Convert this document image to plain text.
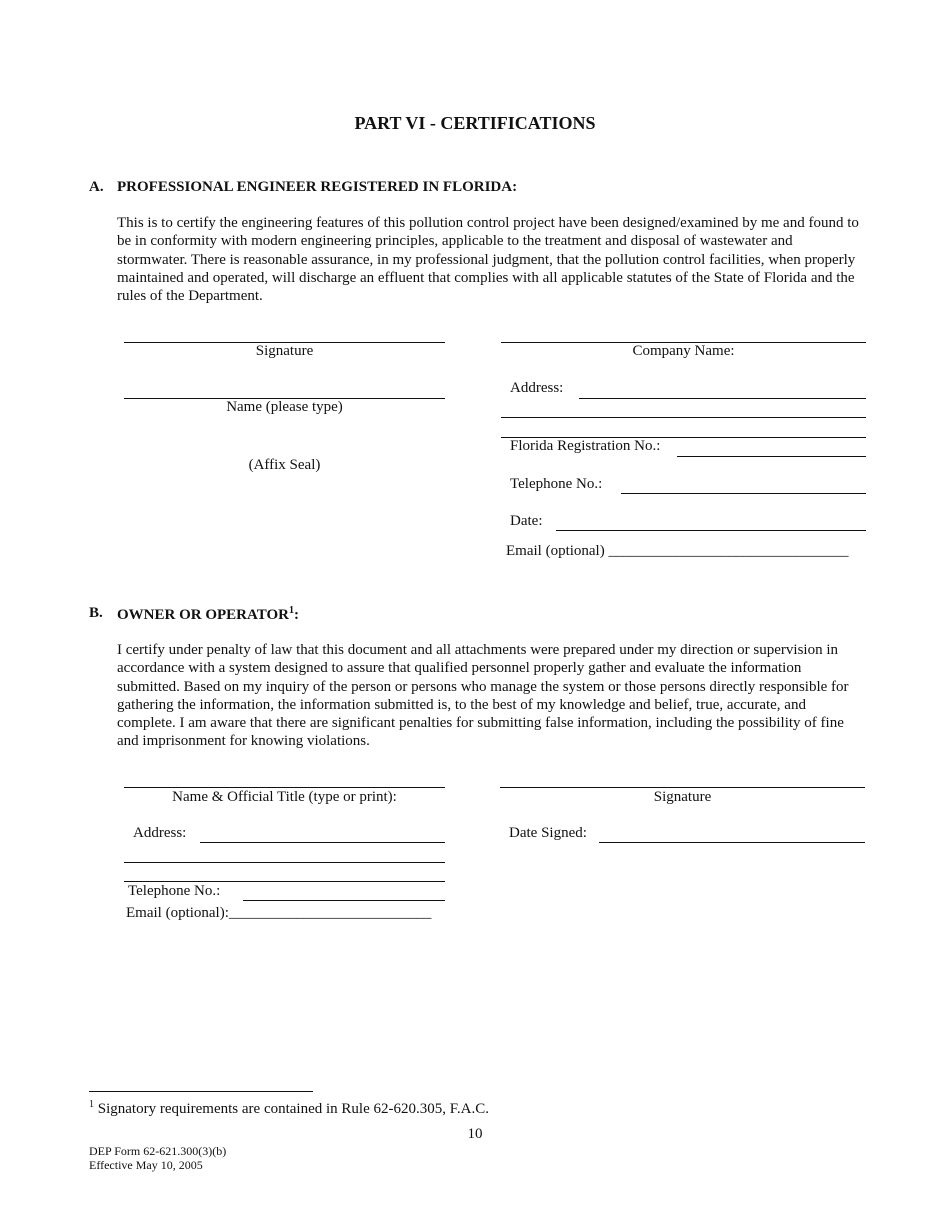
PART VI - CERTIFICATIONS
A. PROFESSIONAL ENGINEER REGISTERED IN FLORIDA:
This is to certify the engineering features of this pollution control project have been designed/examined by me and found to be in conformity with modern engineering principles, applicable to the treatment and disposal of wastewater and stormwater. There is reasonable assurance, in my professional judgment, that the pollution control facilities, when properly maintained and operated, will discharge an effluent that complies with all applicable statutes of the State of Florida and the rules of the Department.
Signature
Name (please type)
(Affix Seal)
Company Name:
Address:
Florida Registration No.:
Telephone No.:
Date:
Email (optional) ________________________________
B. OWNER OR OPERATOR$^1$:
I certify under penalty of law that this document and all attachments were prepared under my direction or supervision in accordance with a system designed to assure that qualified personnel properly gather and evaluate the information submitted. Based on my inquiry of the person or persons who manage the system or those persons directly responsible for gathering the information, the information submitted is, to the best of my knowledge and belief, true, accurate, and complete. I am aware that there are significant penalties for submitting false information, including the possibility of fine and imprisonment for knowing violations.
Name & Official Title (type or print):
Address:
Telephone No.:
Email (optional):___________________________
Signature
Date Signed:
$^1$ Signatory requirements are contained in Rule 62-620.305, F.A.C.
10
DEP Form 62-621.300(3)(b)
Effective May 10, 2005
